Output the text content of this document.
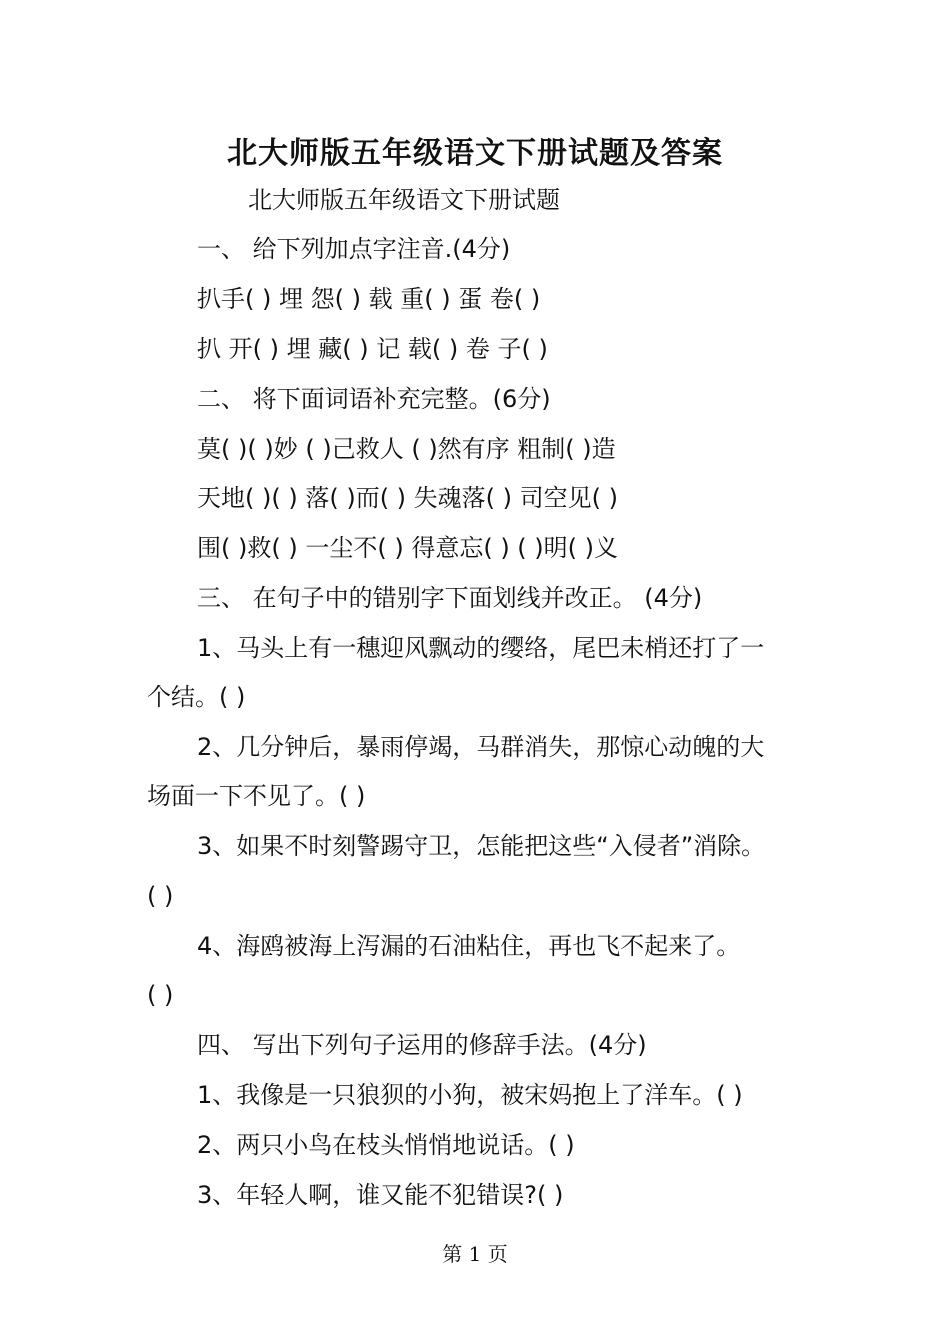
北大师版五年级语文下册试题及答案
北大师版五年级语文下册试题
一、 给下列加点字注音.(4分)
扒手( ) 埋 怨( ) 载 重( ) 蛋 卷( )
扒 开( ) 埋 藏( ) 记 载( ) 卷 子( )
二、 将下面词语补充完整。(6分)
莫( )( )妙 ( )己救人 ( )然有序 粗制( )造
天地( )( ) 落( )而( ) 失魂落( ) 司空见( )
围( )救( ) 一尘不( ) 得意忘( ) ( )明( )义
三、 在句子中的错别字下面划线并改正。 (4分)
1、马头上有一穗迎风飘动的缨络，尾巴未梢还打了一
个结。( )
2、几分钟后，暴雨停竭，马群消失，那惊心动魄的大
场面一下不见了。( )
3、如果不时刻警踢守卫，怎能把这些“入侵者”消除。
( )
4、海鸥被海上泻漏的石油粘住，再也飞不起来了。
( )
四、 写出下列句子运用的修辞手法。(4分)
1、我像是一只狼狈的小狗，被宋妈抱上了洋车。( )
2、两只小鸟在枝头悄悄地说话。( )
3、年轻人啊，谁又能不犯错误?( )
第 1 页
